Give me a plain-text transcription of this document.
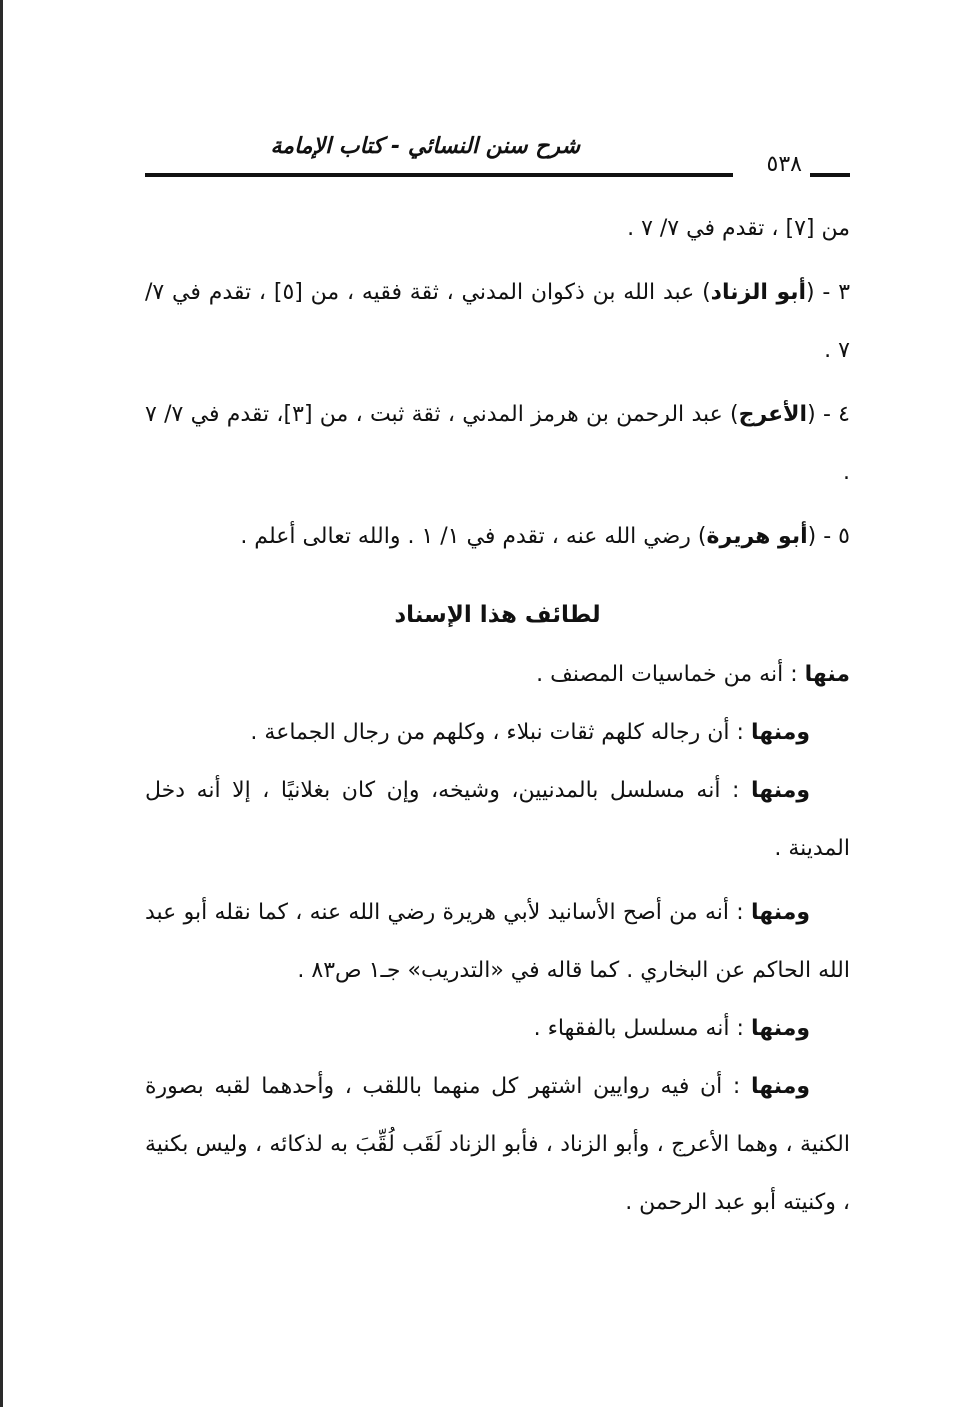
شرح سنن النسائي - كتاب الإمامة
٥٣٨

من [٧] ، تقدم في ٧/ ٧ .

٣ - (أبو الزناد) عبد الله بن ذكوان المدني ، ثقة فقيه ، من [٥] ، تقدم في ٧/ ٧ .

٤ - (الأعرج) عبد الرحمن بن هرمز المدني ، ثقة ثبت ، من [٣]، تقدم في ٧/ ٧ .

٥ - (أبو هريرة) رضي الله عنه ، تقدم في ١/ ١ . والله تعالى أعلم .

لطائف هذا الإسناد

منها : أنه من خماسيات المصنف .

ومنها : أن رجاله كلهم ثقات نبلاء ، وكلهم من رجال الجماعة .

ومنها : أنه مسلسل بالمدنيين، وشيخه، وإن كان بغلانيًا ، إلا أنه دخل المدينة .

ومنها : أنه من أصح الأسانيد لأبي هريرة رضي الله عنه ، كما نقله أبو عبد الله الحاكم عن البخاري . كما قاله في «التدريب» جـ١ ص٨٣ .

ومنها : أنه مسلسل بالفقهاء .

ومنها : أن فيه روايين اشتهر كل منهما باللقب ، وأحدهما لقبه بصورة الكنية ، وهما الأعرج ، وأبو الزناد ، فأبو الزناد لَقَب لُقِّبَ به لذكائه ، وليس بكنية ، وكنيته أبو عبد الرحمن .
